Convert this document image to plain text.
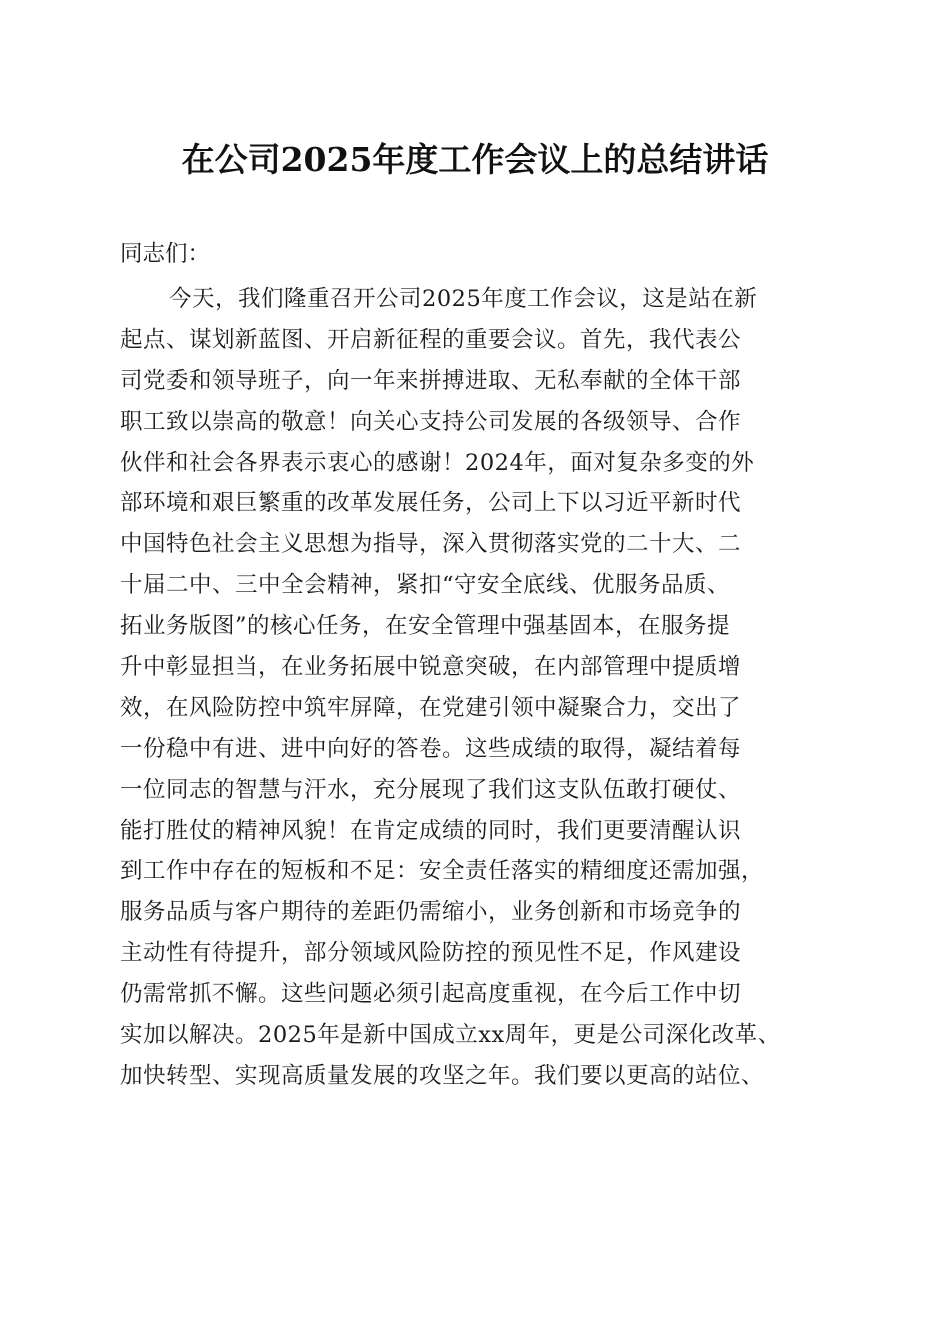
在公司2025年度工作会议上的总结讲话

同志们：

今天，我们隆重召开公司2025年度工作会议，这是站在新
起点、谋划新蓝图、开启新征程的重要会议。首先，我代表公
司党委和领导班子，向一年来拼搏进取、无私奉献的全体干部
职工致以崇高的敬意！向关心支持公司发展的各级领导、合作
伙伴和社会各界表示衷心的感谢！2024年，面对复杂多变的外
部环境和艰巨繁重的改革发展任务，公司上下以习近平新时代
中国特色社会主义思想为指导，深入贯彻落实党的二十大、二
十届二中、三中全会精神，紧扣“守安全底线、优服务品质、
拓业务版图”的核心任务，在安全管理中强基固本，在服务提
升中彰显担当，在业务拓展中锐意突破，在内部管理中提质增
效，在风险防控中筑牢屏障，在党建引领中凝聚合力，交出了
一份稳中有进、进中向好的答卷。这些成绩的取得，凝结着每
一位同志的智慧与汗水，充分展现了我们这支队伍敢打硬仗、
能打胜仗的精神风貌！在肯定成绩的同时，我们更要清醒认识
到工作中存在的短板和不足：安全责任落实的精细度还需加强，
服务品质与客户期待的差距仍需缩小，业务创新和市场竞争的
主动性有待提升，部分领域风险防控的预见性不足，作风建设
仍需常抓不懈。这些问题必须引起高度重视，在今后工作中切
实加以解决。2025年是新中国成立xx周年，更是公司深化改革、
加快转型、实现高质量发展的攻坚之年。我们要以更高的站位、
